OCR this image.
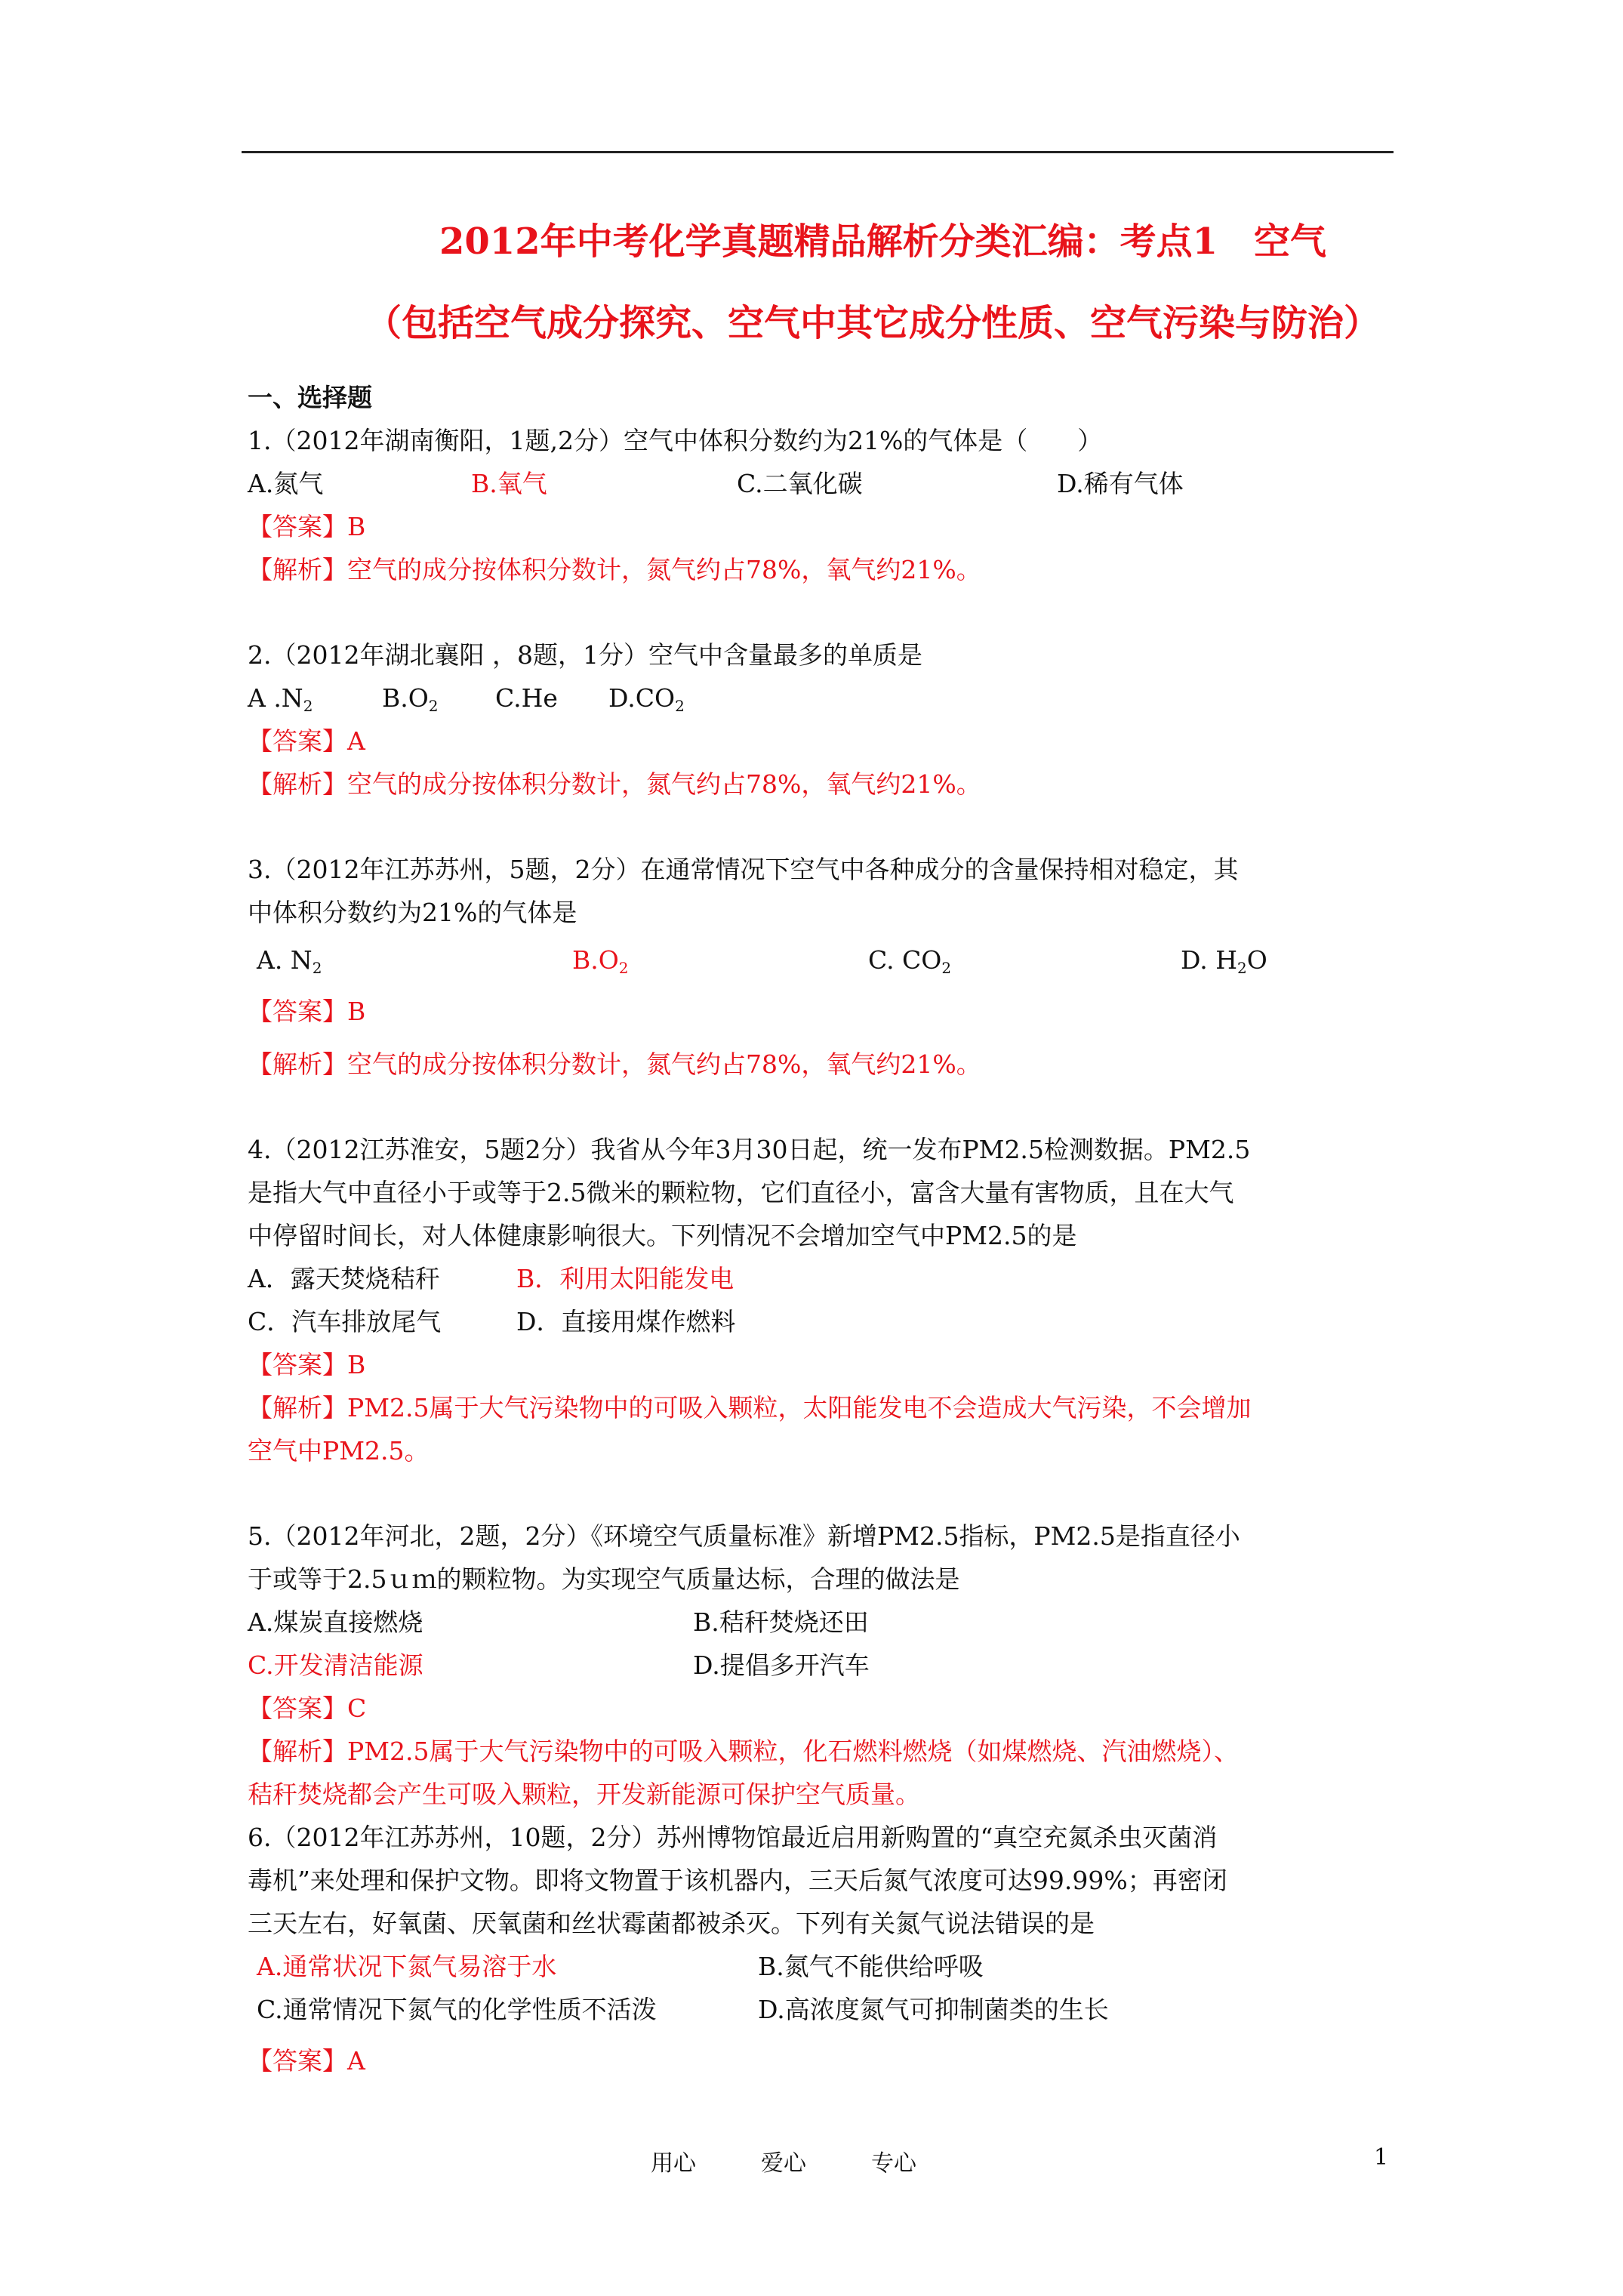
2012年中考化学真题精品解析分类汇编：考点1　空气
（包括空气成分探究、空气中其它成分性质、空气污染与防治）
一、选择题
1.（2012年湖南衡阳，1题,2分）空气中体积分数约为21%的气体是（　　）
A.氮气	B.氧气	C.二氧化碳	D.稀有气体
【答案】B
【解析】空气的成分按体积分数计，氮气约占78%，氧气约21%。
2.（2012年湖北襄阳 ，8题，1分）空气中含量最多的单质是
A $.N_2$	$B.O_2$ C.He $D.CO_2$
【答案】A
【解析】空气的成分按体积分数计，氮气约占78%，氧气约21%。
3.（2012年江苏苏州，5题，2分）在通常情况下空气中各种成分的含量保持相对稳定，其
中体积分数约为21%的气体是
A. $N_2$	$B.O_2$	C. $CO_2$	D. $H_2O$
【答案】B
【解析】空气的成分按体积分数计，氮气约占78%，氧气约21%。
4.（2012江苏淮安，5题2分）我省从今年3月30日起，统一发布PM2.5检测数据。PM2.5
是指大气中直径小于或等于2.5微米的颗粒物，它们直径小，富含大量有害物质，且在大气
中停留时间长，对人体健康影响很大。下列情况不会增加空气中PM2.5的是
A．露天焚烧秸秆	B．利用太阳能发电
C．汽车排放尾气	D．直接用煤作燃料
【答案】B
【解析】PM2.5属于大气污染物中的可吸入颗粒，太阳能发电不会造成大气污染，不会增加
空气中PM2.5。
5.（2012年河北，2题，2分）《环境空气质量标准》新增PM2.5指标，PM2.5是指直径小
于或等于2.5ｕｍ的颗粒物。为实现空气质量达标，合理的做法是
A.煤炭直接燃烧	B.秸秆焚烧还田
C.开发清洁能源	D.提倡多开汽车
【答案】C
【解析】PM2.5属于大气污染物中的可吸入颗粒，化石燃料燃烧（如煤燃烧、汽油燃烧）、
秸秆焚烧都会产生可吸入颗粒，开发新能源可保护空气质量。
6.（2012年江苏苏州，10题，2分）苏州博物馆最近启用新购置的“真空充氮杀虫灭菌消
毒机”来处理和保护文物。即将文物置于该机器内，三天后氮气浓度可达99.99%；再密闭
三天左右，好氧菌、厌氧菌和丝状霉菌都被杀灭。下列有关氮气说法错误的是
A.通常状况下氮气易溶于水	B.氮气不能供给呼吸
C.通常情况下氮气的化学性质不活泼	D.高浓度氮气可抑制菌类的生长
【答案】A
用心	爱心	专心	1
